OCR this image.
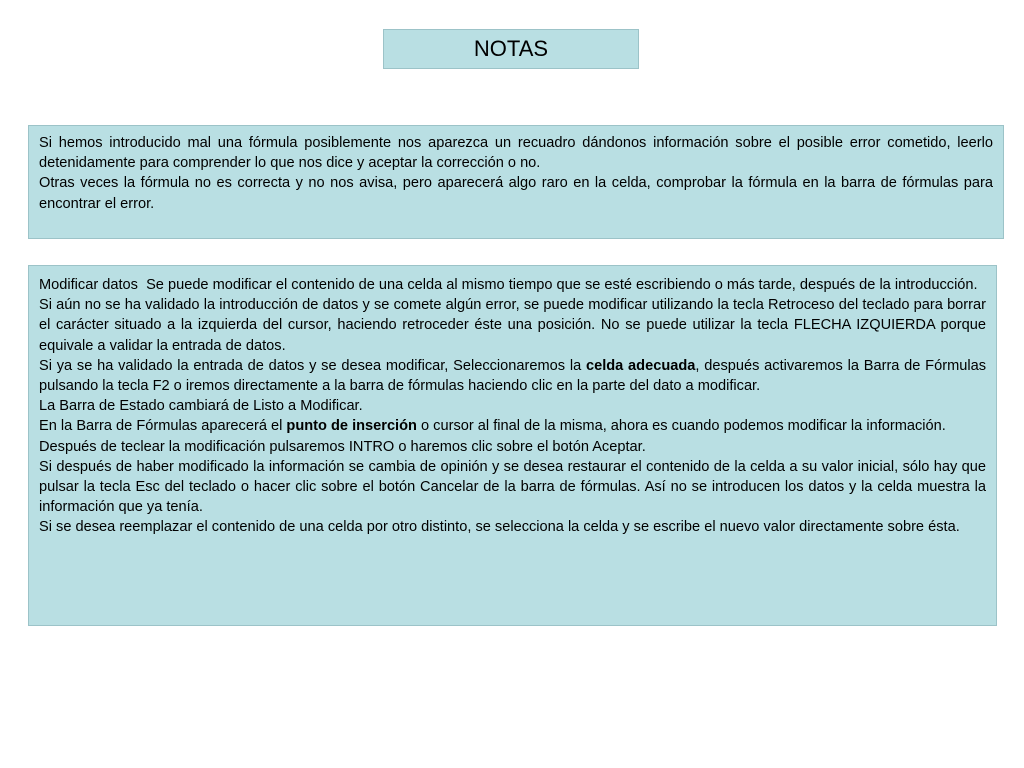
NOTAS

Si hemos introducido mal una fórmula posiblemente nos aparezca un recuadro dándonos información sobre el posible error cometido, leerlo detenidamente para comprender lo que nos dice y aceptar la corrección o no.

Otras veces la fórmula no es correcta y no nos avisa, pero aparecerá algo raro en la celda, comprobar la fórmula en la barra de fórmulas para encontrar el error.

Modificar datos  Se puede modificar el contenido de una celda al mismo tiempo que se esté escribiendo o más tarde, después de la introducción.

Si aún no se ha validado la introducción de datos y se comete algún error, se puede modificar utilizando la tecla Retroceso del teclado para borrar el carácter situado a la izquierda del cursor, haciendo retroceder éste una posición. No se puede utilizar la tecla FLECHA IZQUIERDA porque equivale a validar la entrada de datos.

Si ya se ha validado la entrada de datos y se desea modificar, Seleccionaremos la celda adecuada, después activaremos la Barra de Fórmulas pulsando la tecla F2 o iremos directamente a la barra de fórmulas haciendo clic en la parte del dato a modificar.

La Barra de Estado cambiará de Listo a Modificar.

En la Barra de Fórmulas aparecerá el punto de inserción o cursor al final de la misma, ahora es cuando podemos modificar la información.

Después de teclear la modificación pulsaremos INTRO o haremos clic sobre el botón Aceptar.

Si después de haber modificado la información se cambia de opinión y se desea restaurar el contenido de la celda a su valor inicial, sólo hay que pulsar la tecla Esc del teclado o hacer clic sobre el botón Cancelar de la barra de fórmulas. Así no se introducen los datos y la celda muestra la información que ya tenía.

Si se desea reemplazar el contenido de una celda por otro distinto, se selecciona la celda y se escribe el nuevo valor directamente sobre ésta.
